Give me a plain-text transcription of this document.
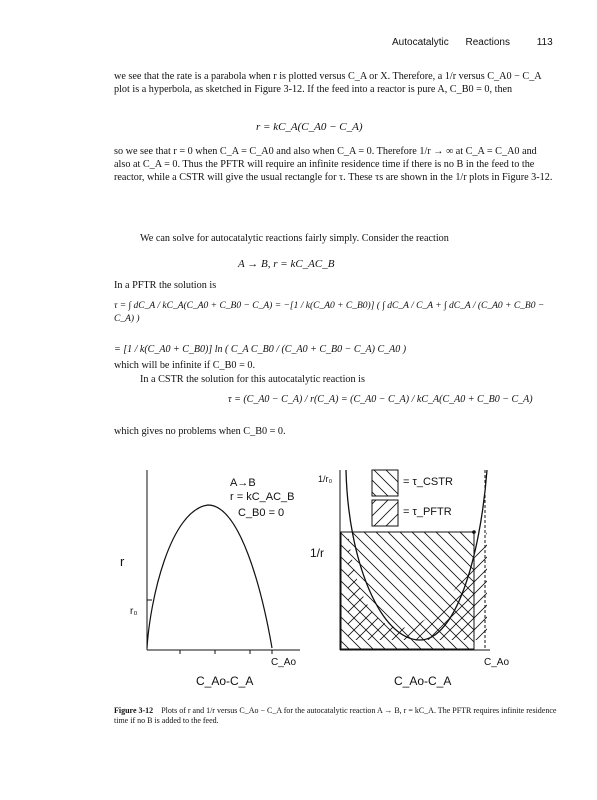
Autocatalytic Reactions	113
we see that the rate is a parabola when r is plotted versus C_A or X. Therefore, a 1/r versus C_A0 − C_A plot is a hyperbola, as sketched in Figure 3-12. If the feed into a reactor is pure A, C_B0 = 0, then
r = kC_A(C_A0 − C_A)
so we see that r = 0 when C_A = C_A0 and also when C_A = 0. Therefore 1/r → ∞ at C_A = C_A0 and also at C_A = 0. Thus the PFTR will require an infinite residence time if there is no B in the feed to the reactor, while a CSTR will give the usual rectangle for τ. These τs are shown in the 1/r plots in Figure 3-12.
We can solve for autocatalytic reactions fairly simply. Consider the reaction
A → B, r = kC_AC_B
In a PFTR the solution is
τ = ∫ dC_A / kC_A(C_A0 + C_B0 − C_A) = −[1 / k(C_A0 + C_B0)] ( ∫ dC_A / C_A + ∫ dC_A / (C_A0 + C_B0 − C_A) )
= [1 / k(C_A0 + C_B0)] ln ( C_A C_B0 / (C_A0 + C_B0 − C_A) C_A0 )
which will be infinite if C_B0 = 0.
In a CSTR the solution for this autocatalytic reaction is
τ = (C_A0 − C_A) / r(C_A) = (C_A0 − C_A) / kC_A(C_A0 + C_B0 − C_A)
which gives no problems when C_B0 = 0.
r
r₀
A→B
r = kC_AC_B
C_B0 = 0
C_Ao
C_Ao-C_A
1/r
1/r₀	= τ_CSTR
= τ_PFTR
C_Ao
C_Ao-C_A
Figure 3-12 Plots of r and 1/r versus C_Ao − C_A for the autocatalytic reaction A → B, r = kC_A. The PFTR requires infinite residence time if no B is added to the feed.
